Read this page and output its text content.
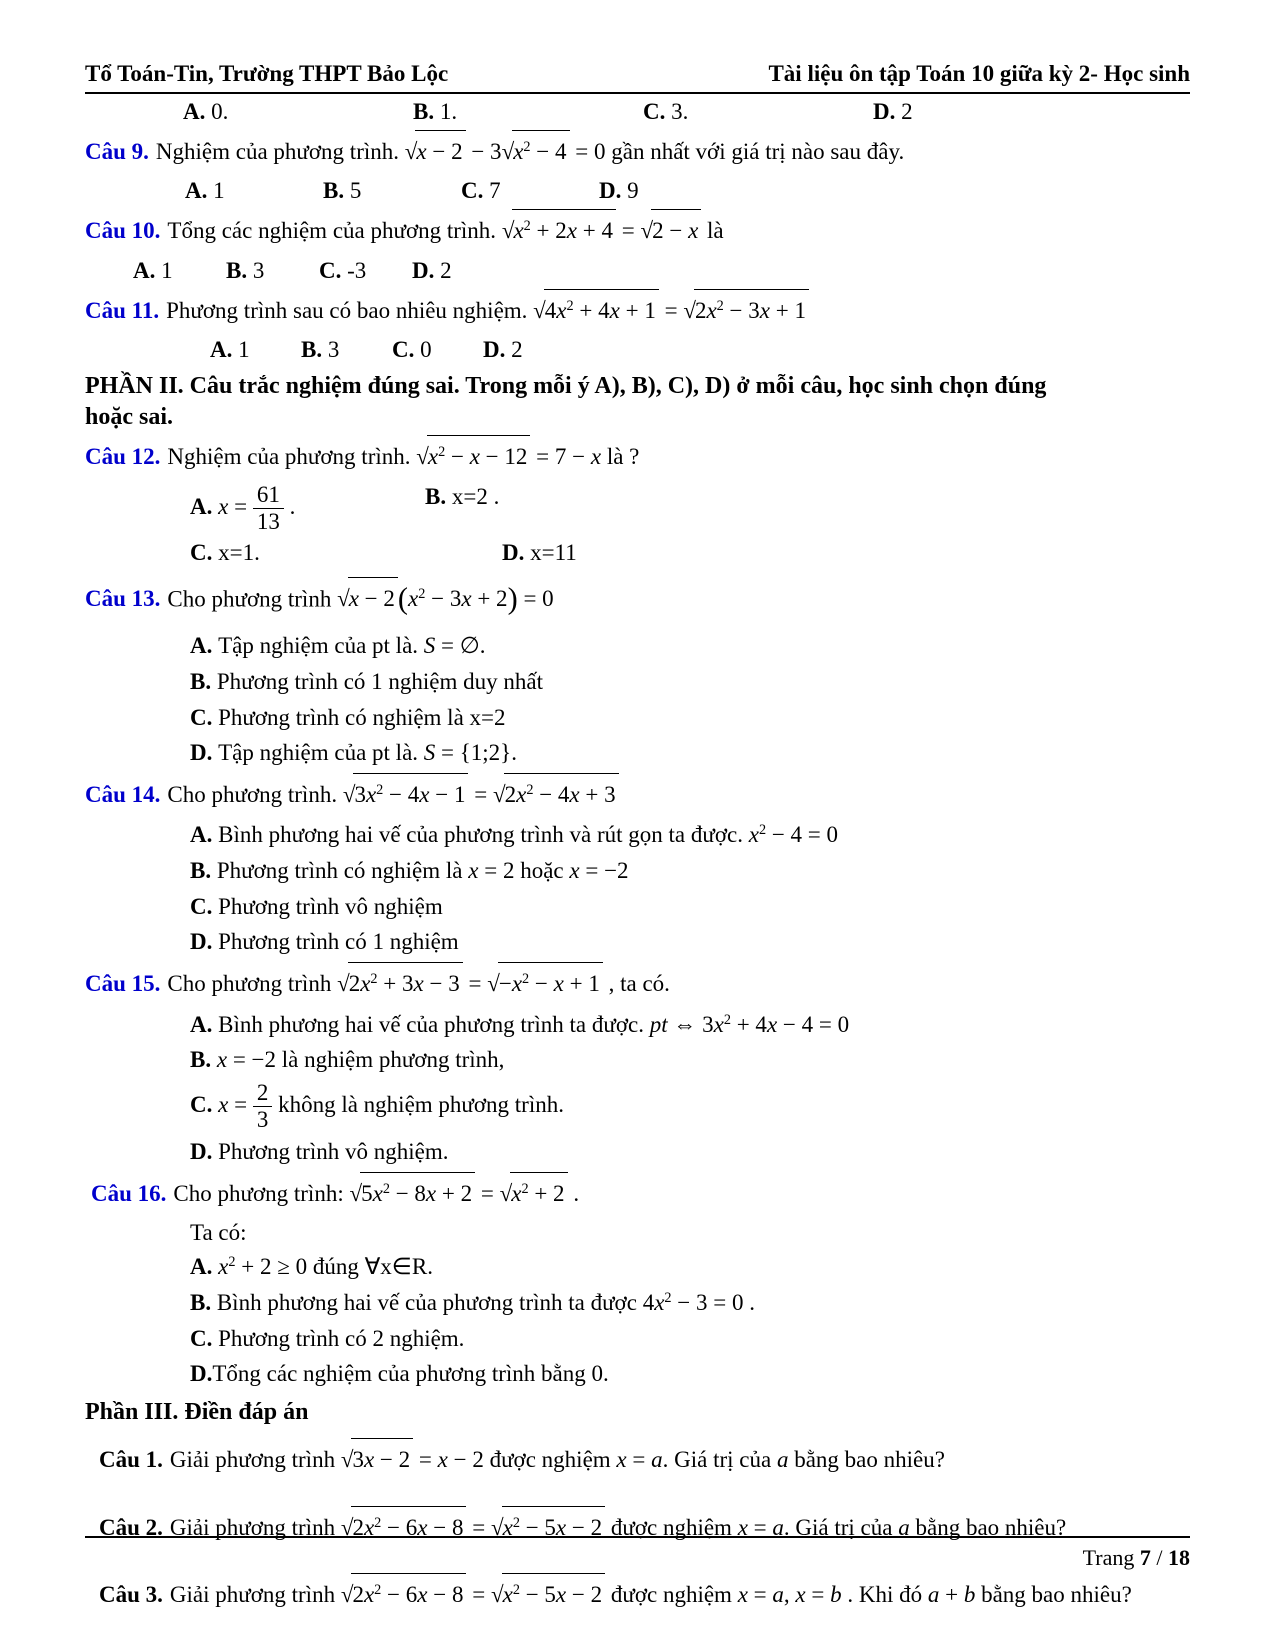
Tổ Toán-Tin, Trường THPT Bảo Lộc	Tài liệu ôn tập Toán 10 giữa kỳ 2- Học sinh
A. 0.	B. 1.	C. 3.	D. 2
Câu 9. Nghiệm của phương trình. $√x - 2 - 3√x^2 - 4 = 0$ gần nhất với giá trị nào sau đây.
A. 1	B. 5	C. 7	D. 9
Câu 10. Tổng các nghiệm của phương trình. $√x^2 + 2x + 4 = √2 - x$ là
A. 1	B. 3	C. -3	D. 2
Câu 11. Phương trình sau có bao nhiêu nghiệm. $√4x^2 + 4x + 1 = √2x^2 - 3x + 1$
A. 1	B. 3	C. 0	D. 2
PHẦN II. Câu trắc nghiệm đúng sai. Trong mỗi ý A), B), C), D) ở mỗi câu, học sinh chọn đúng
hoặc sai.
Câu 12. Nghiệm của phương trình. $√x^2 - x - 12 = 7 - x$ là ?
A. $x = \frac{61}{13}$ .	B. x=2 .
C. x=1.	D. x=11
Câu 13. Cho phương trình $√x - 2(x^2 - 3x + 2) = 0$
A. Tập nghiệm của pt là. S = ∅.
B. Phương trình có 1 nghiệm duy nhất
C. Phương trình có nghiệm là x=2
D. Tập nghiệm của pt là. S = {1;2}.
Câu 14. Cho phương trình. $√3x^2 - 4x - 1 = √2x^2 - 4x + 3$
A. Bình phương hai vế của phương trình và rút gọn ta được. $x^2 - 4 = 0$
B. Phương trình có nghiệm là x = 2 hoặc x = −2
C. Phương trình vô nghiệm
D. Phương trình có 1 nghiệm
Câu 15. Cho phương trình $√2x^2 + 3x - 3 = √-x^2 - x + 1$ , ta có.
A. Bình phương hai vế của phương trình ta được. pt ⇔ $3x^2 + 4x - 4 = 0$
B. x = −2 là nghiệm phương trình,
C. $x = \frac{2}{3}$ không là nghiệm phương trình.
D. Phương trình vô nghiệm.
Câu 16. Cho phương trình: $√5x^2 - 8x + 2 = √x^2 + 2$ .
Ta có:
A. $x^2 + 2 \ge 0$ đúng ∀x∈R.
B. Bình phương hai vế của phương trình ta được $4x^2 - 3 = 0$ .
C. Phương trình có 2 nghiệm.
D.Tổng các nghiệm của phương trình bằng 0.
Phần III. Điền đáp án
Câu 1. Giải phương trình √3x − 2 = x − 2 được nghiệm x = a. Giá trị của a bằng bao nhiêu?
Câu 2. Giải phương trình $√2x^2 - 6x - 8 = √x^2 - 5x - 2$ được nghiệm x = a. Giá trị của a bằng bao nhiêu?
Câu 3. Giải phương trình $√2x^2 - 6x - 8 = √x^2 - 5x - 2$ được nghiệm x = a, x = b . Khi đó a + b bằng bao nhiêu?
Trang 7 / 18
